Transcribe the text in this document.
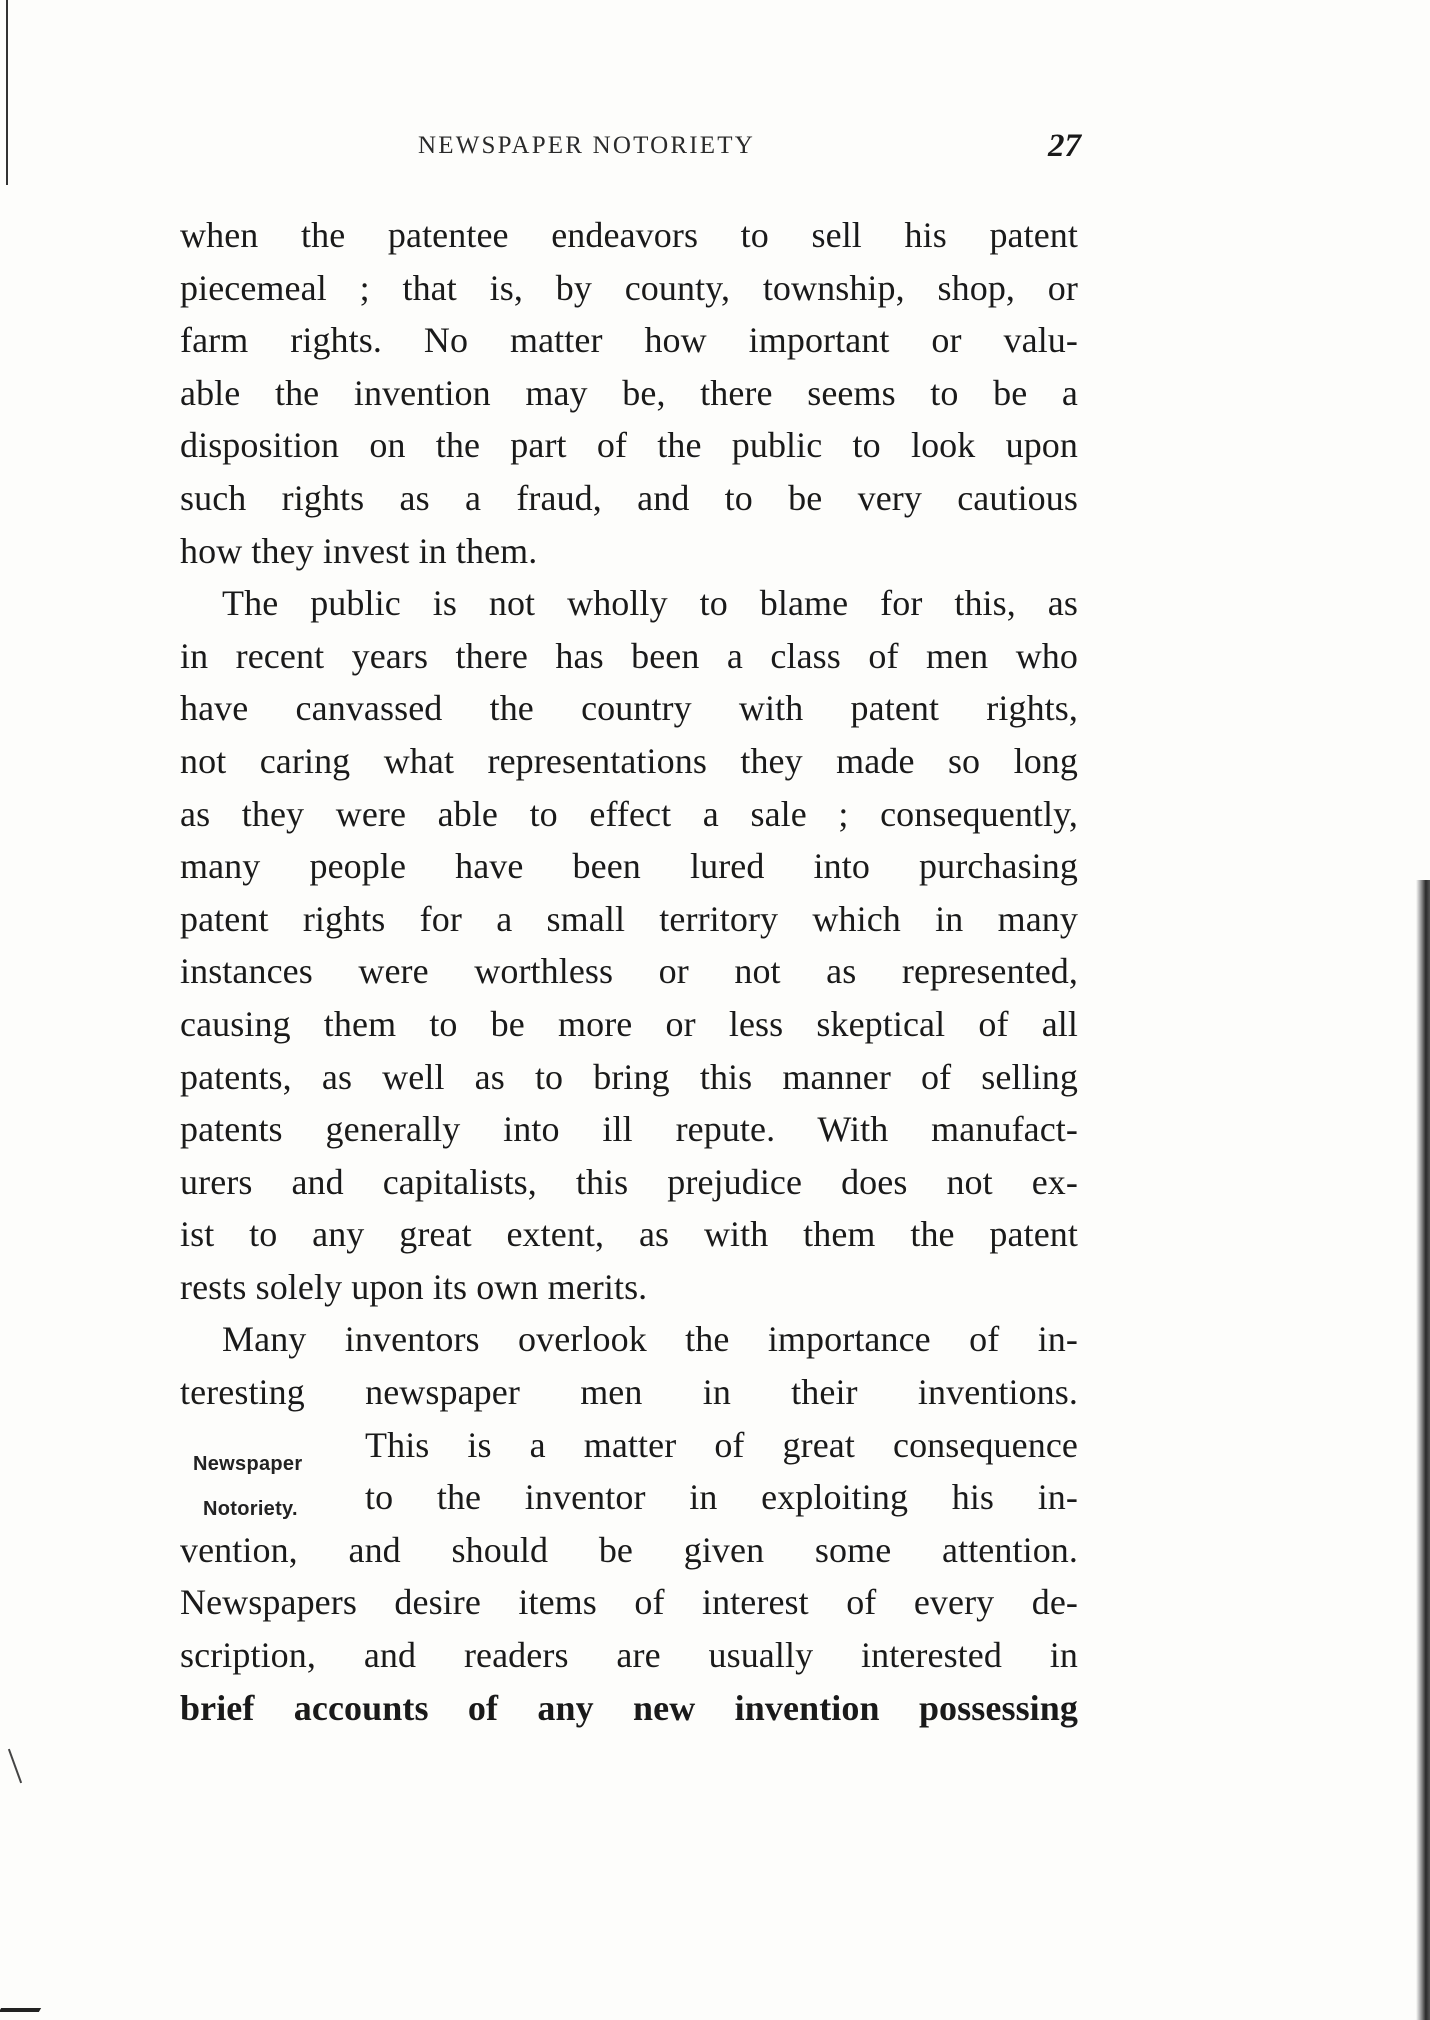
NEWSPAPER NOTORIETY	27
Newspaper
Notoriety.
when the patentee endeavors to sell his patent
piecemeal ; that is, by county, township, shop, or
farm rights. No matter how important or valu-
able the invention may be, there seems to be a
disposition on the part of the public to look upon
such rights as a fraud, and to be very cautious
how they invest in them.
The public is not wholly to blame for this, as
in recent years there has been a class of men who
have canvassed the country with patent rights,
not caring what representations they made so long
as they were able to effect a sale ; consequently,
many people have been lured into purchasing
patent rights for a small territory which in many
instances were worthless or not as represented,
causing them to be more or less skeptical of all
patents, as well as to bring this manner of selling
patents generally into ill repute. With manufact-
urers and capitalists, this prejudice does not ex-
ist to any great extent, as with them the patent
rests solely upon its own merits.
Many inventors overlook the importance of in-
teresting newspaper men in their inventions.
This is a matter of great consequence
to the inventor in exploiting his in-
vention, and should be given some attention.
Newspapers desire items of interest of every de-
scription, and readers are usually interested in
brief accounts of any new invention possessing
